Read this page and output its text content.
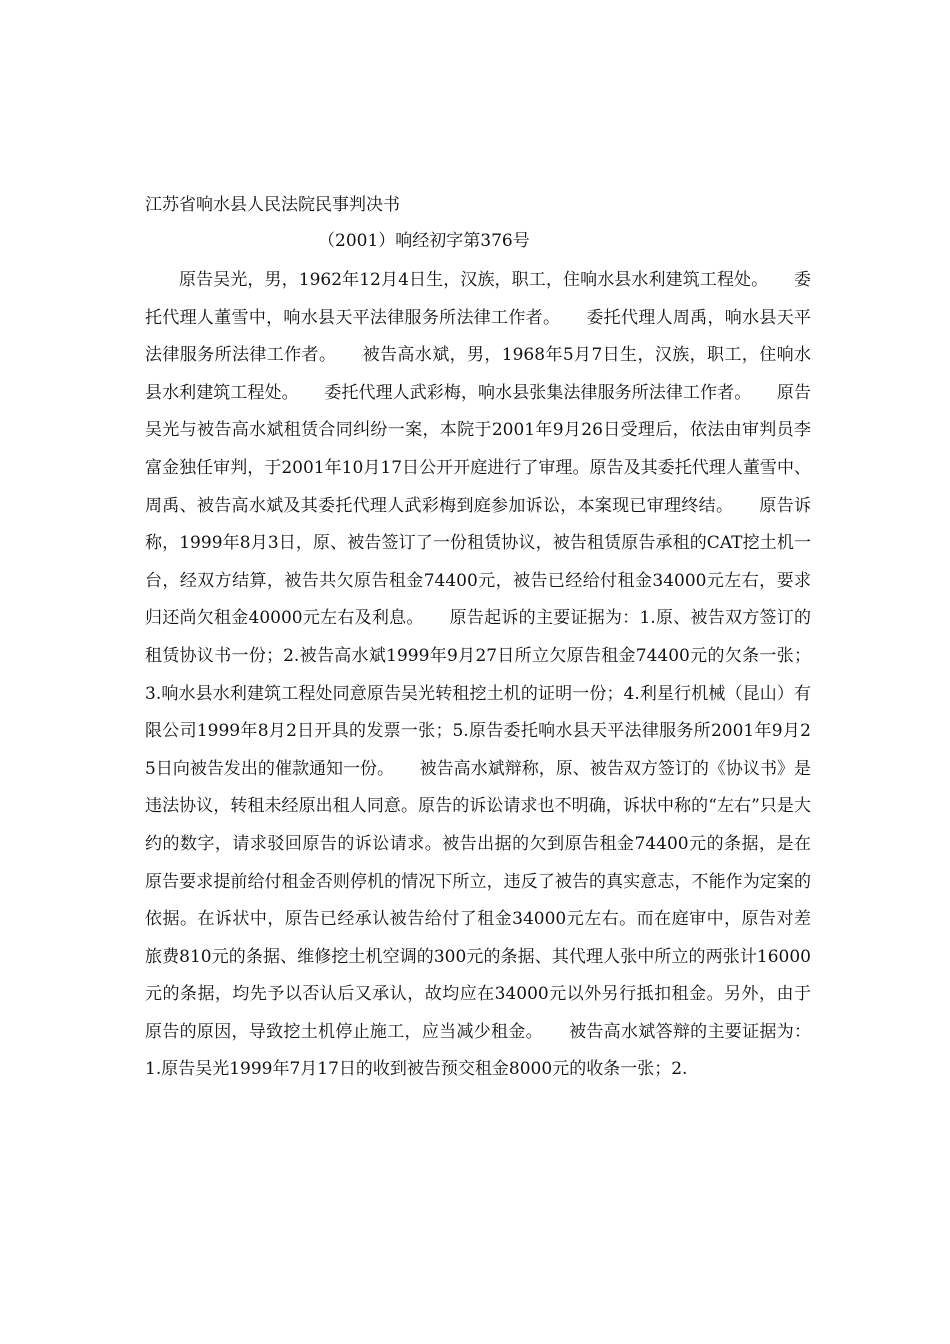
江苏省响水县人民法院民事判决书
（2001）响经初字第376号

原告吴光，男，1962年12月4日生，汉族，职工，住响水县水利建筑工程处。　　委托代理人董雪中，响水县天平法律服务所法律工作者。　　委托代理人周禹，响水县天平法律服务所法律工作者。　　被告高水斌，男，1968年5月7日生，汉族，职工，住响水县水利建筑工程处。　　委托代理人武彩梅，响水县张集法律服务所法律工作者。　　原告吴光与被告高水斌租赁合同纠纷一案，本院于2001年9月26日受理后，依法由审判员李富金独任审判，于2001年10月17日公开开庭进行了审理。原告及其委托代理人董雪中、周禹、被告高水斌及其委托代理人武彩梅到庭参加诉讼，本案现已审理终结。　　原告诉称，1999年8月3日，原、被告签订了一份租赁协议，被告租赁原告承租的CAT挖土机一台，经双方结算，被告共欠原告租金74400元，被告已经给付租金34000元左右，要求归还尚欠租金40000元左右及利息。　　原告起诉的主要证据为：1.原、被告双方签订的租赁协议书一份；2.被告高水斌1999年9月27日所立欠原告租金74400元的欠条一张；3.响水县水利建筑工程处同意原告吴光转租挖土机的证明一份；4.利星行机械（昆山）有限公司1999年8月2日开具的发票一张；5.原告委托响水县天平法律服务所2001年9月25日向被告发出的催款通知一份。　　被告高水斌辩称，原、被告双方签订的《协议书》是违法协议，转租未经原出租人同意。原告的诉讼请求也不明确，诉状中称的“左右”只是大约的数字，请求驳回原告的诉讼请求。被告出据的欠到原告租金74400元的条据，是在原告要求提前给付租金否则停机的情况下所立，违反了被告的真实意志，不能作为定案的依据。在诉状中，原告已经承认被告给付了租金34000元左右。而在庭审中，原告对差旅费810元的条据、维修挖土机空调的300元的条据、其代理人张中所立的两张计16000元的条据，均先予以否认后又承认，故均应在34000元以外另行抵扣租金。另外，由于原告的原因，导致挖土机停止施工，应当减少租金。　　被告高水斌答辩的主要证据为：1.原告吴光1999年7月17日的收到被告预交租金8000元的收条一张；2.
